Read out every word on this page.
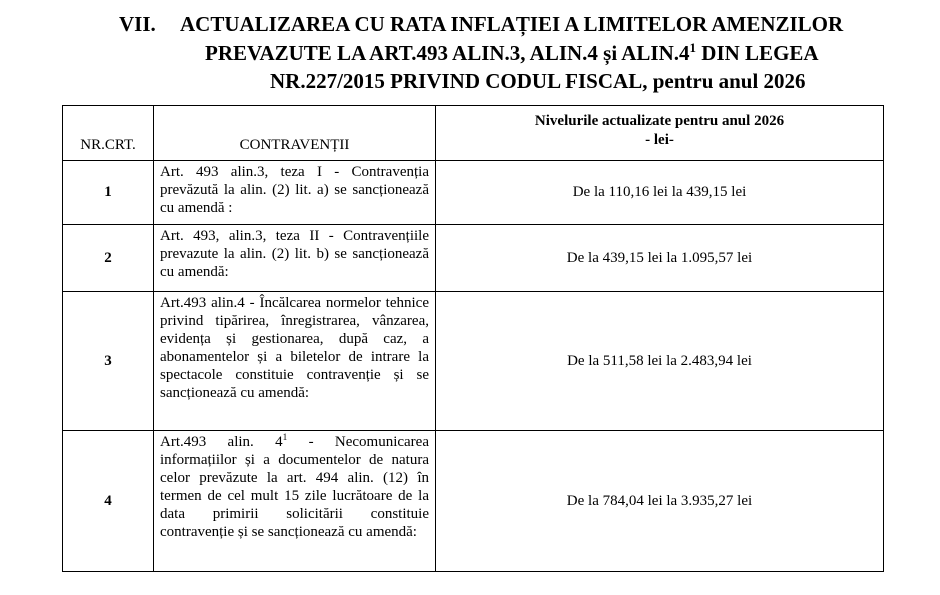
VII. ACTUALIZAREA CU RATA INFLAȚIEI A LIMITELOR AMENZILOR
PREVAZUTE LA ART.493 ALIN.3, ALIN.4 și $ALIN.4^1$ DIN LEGEA
NR.227/2015 PRIVIND CODUL FISCAL, pentru anul 2026
NR.CRT.	CONTRAVENȚII	Nivelurile actualizate pentru anul 2026
- lei-

1	Art. 493 alin.3, teza I - Contravenția prevăzută la alin. (2) lit. a) se sancționează cu amendă :	De la 110,16 lei la 439,15 lei
2	Art. 493, alin.3, teza II - Contravențiile prevazute la alin. (2) lit. b) se sancționează cu amendă:	De la 439,15 lei la 1.095,57 lei
3	Art.493 alin.4 - Încălcarea normelor tehnice privind tipărirea, înregistrarea, vânzarea, evidența și gestionarea, după caz, a abonamentelor și a biletelor de intrare la spectacole constituie contravenție și se sancționează cu amendă:	De la 511,58 lei la 2.483,94 lei
4	Art.493 alin. $4^1$ - Necomunicarea informațiilor și a documentelor de natura celor prevăzute la art. 494 alin. (12) în termen de cel mult 15 zile lucrătoare de la data primirii solicitării constituie contravenție și se sancționează cu amendă:	De la 784,04 lei la 3.935,27 lei
